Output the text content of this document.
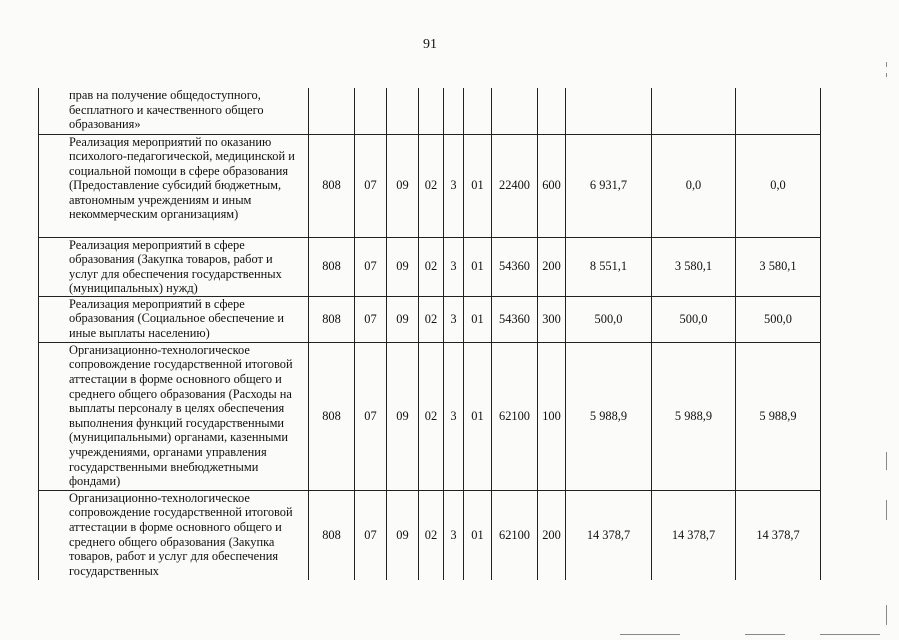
91
прав на получение общедоступного, бесплатного и качественного общего образования»											
Реализация мероприятий по оказанию психолого-педагогической, медицинской и социальной помощи в сфере образования (Предоставление субсидий бюджетным, автономным учреждениям и иным некоммерческим организациям)	808	07	09	02	3	01	22400	600	6 931,7	0,0	0,0
Реализация мероприятий в сфере образования (Закупка товаров, работ и услуг для обеспечения государственных (муниципальных) нужд)	808	07	09	02	3	01	54360	200	8 551,1	3 580,1	3 580,1
Реализация мероприятий в сфере образования (Социальное обеспечение и иные выплаты населению)	808	07	09	02	3	01	54360	300	500,0	500,0	500,0
Организационно-технологическое сопровождение государственной итоговой аттестации в форме основного общего и среднего общего образования (Расходы на выплаты персоналу в целях обеспечения выполнения функций государственными (муниципальными) органами, казенными учреждениями, органами управления государственными внебюджетными фондами)	808	07	09	02	3	01	62100	100	5 988,9	5 988,9	5 988,9
Организационно-технологическое сопровождение государственной итоговой аттестации в форме основного общего и среднего общего образования (Закупка товаров, работ и услуг для обеспечения государственных	808	07	09	02	3	01	62100	200	14 378,7	14 378,7	14 378,7
